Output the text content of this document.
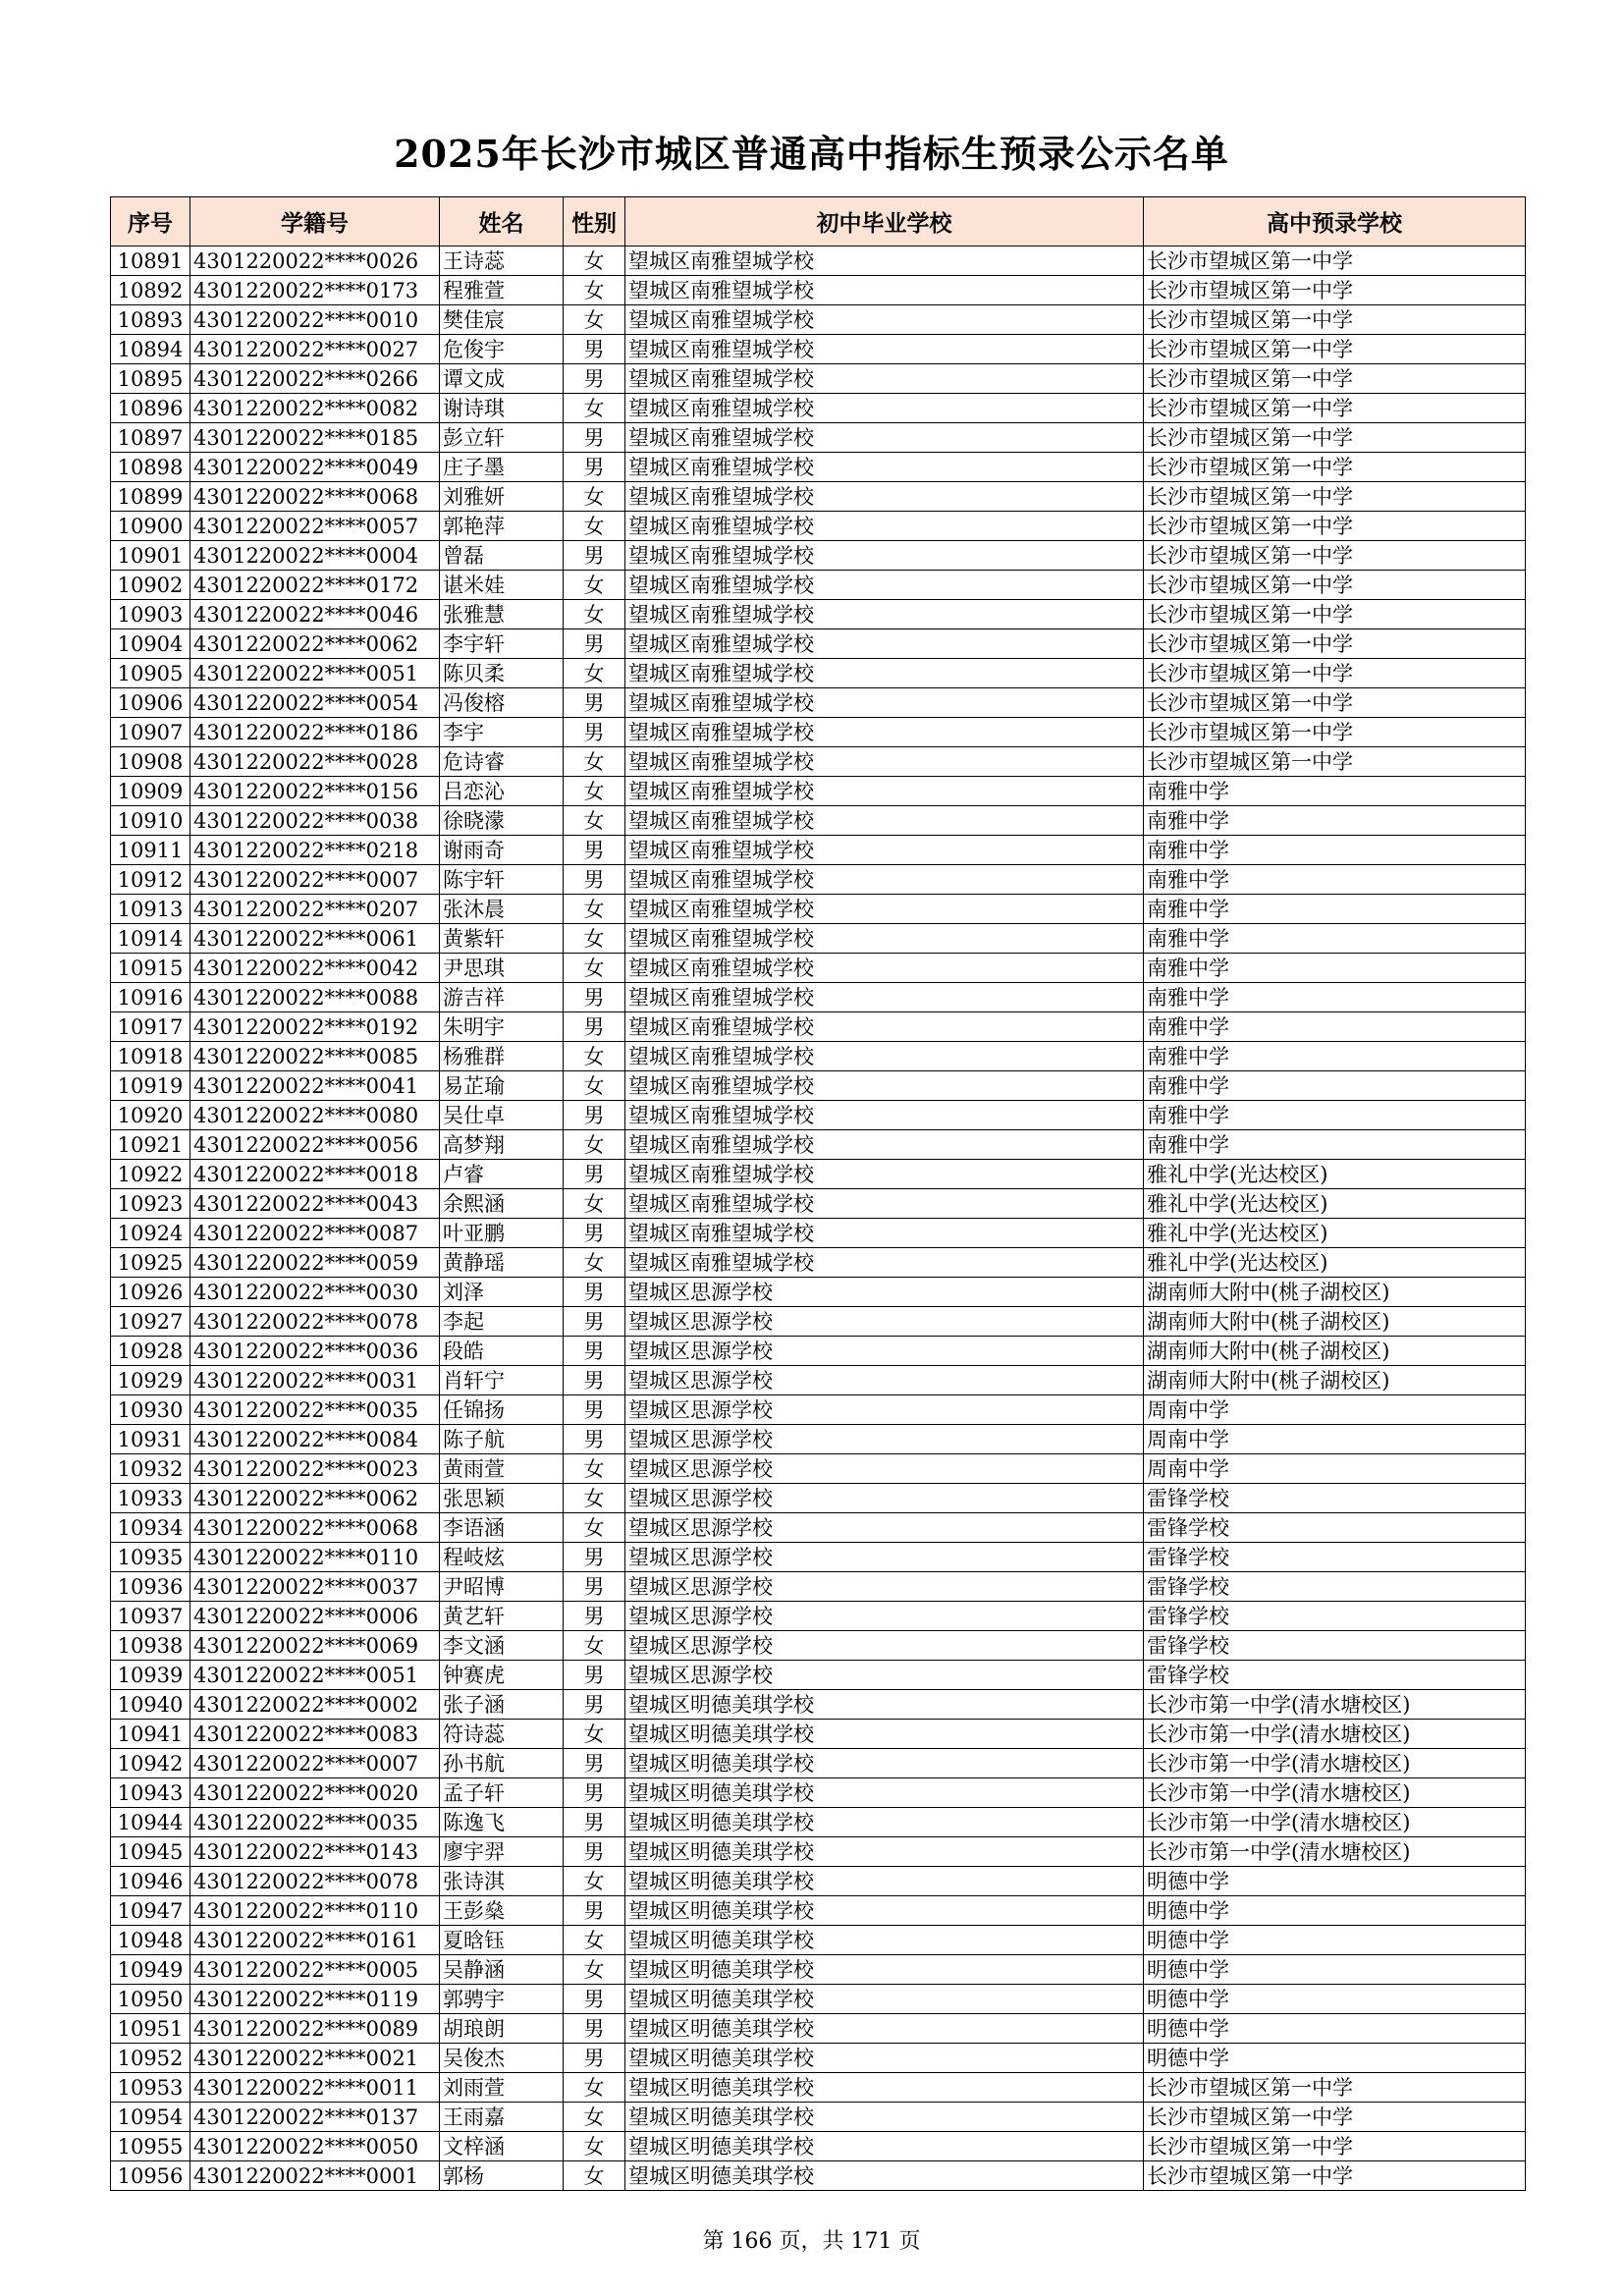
2025年长沙市城区普通高中指标生预录公示名单
序号	学籍号	姓名	性别	初中毕业学校	高中预录学校
10891	4301220022****0026	王诗蕊	女	望城区南雅望城学校	长沙市望城区第一中学
10892	4301220022****0173	程雅萱	女	望城区南雅望城学校	长沙市望城区第一中学
10893	4301220022****0010	樊佳宸	女	望城区南雅望城学校	长沙市望城区第一中学
10894	4301220022****0027	危俊宇	男	望城区南雅望城学校	长沙市望城区第一中学
10895	4301220022****0266	谭文成	男	望城区南雅望城学校	长沙市望城区第一中学
10896	4301220022****0082	谢诗琪	女	望城区南雅望城学校	长沙市望城区第一中学
10897	4301220022****0185	彭立轩	男	望城区南雅望城学校	长沙市望城区第一中学
10898	4301220022****0049	庄子墨	男	望城区南雅望城学校	长沙市望城区第一中学
10899	4301220022****0068	刘雅妍	女	望城区南雅望城学校	长沙市望城区第一中学
10900	4301220022****0057	郭艳萍	女	望城区南雅望城学校	长沙市望城区第一中学
10901	4301220022****0004	曾磊	男	望城区南雅望城学校	长沙市望城区第一中学
10902	4301220022****0172	谌米娃	女	望城区南雅望城学校	长沙市望城区第一中学
10903	4301220022****0046	张雅慧	女	望城区南雅望城学校	长沙市望城区第一中学
10904	4301220022****0062	李宇轩	男	望城区南雅望城学校	长沙市望城区第一中学
10905	4301220022****0051	陈贝柔	女	望城区南雅望城学校	长沙市望城区第一中学
10906	4301220022****0054	冯俊榕	男	望城区南雅望城学校	长沙市望城区第一中学
10907	4301220022****0186	李宇	男	望城区南雅望城学校	长沙市望城区第一中学
10908	4301220022****0028	危诗睿	女	望城区南雅望城学校	长沙市望城区第一中学
10909	4301220022****0156	吕恋沁	女	望城区南雅望城学校	南雅中学
10910	4301220022****0038	徐晓濛	女	望城区南雅望城学校	南雅中学
10911	4301220022****0218	谢雨奇	男	望城区南雅望城学校	南雅中学
10912	4301220022****0007	陈宇轩	男	望城区南雅望城学校	南雅中学
10913	4301220022****0207	张沐晨	女	望城区南雅望城学校	南雅中学
10914	4301220022****0061	黄紫轩	女	望城区南雅望城学校	南雅中学
10915	4301220022****0042	尹思琪	女	望城区南雅望城学校	南雅中学
10916	4301220022****0088	游吉祥	男	望城区南雅望城学校	南雅中学
10917	4301220022****0192	朱明宇	男	望城区南雅望城学校	南雅中学
10918	4301220022****0085	杨雅群	女	望城区南雅望城学校	南雅中学
10919	4301220022****0041	易芷瑜	女	望城区南雅望城学校	南雅中学
10920	4301220022****0080	吴仕卓	男	望城区南雅望城学校	南雅中学
10921	4301220022****0056	高梦翔	女	望城区南雅望城学校	南雅中学
10922	4301220022****0018	卢睿	男	望城区南雅望城学校	雅礼中学(光达校区)
10923	4301220022****0043	余熙涵	女	望城区南雅望城学校	雅礼中学(光达校区)
10924	4301220022****0087	叶亚鹏	男	望城区南雅望城学校	雅礼中学(光达校区)
10925	4301220022****0059	黄静瑶	女	望城区南雅望城学校	雅礼中学(光达校区)
10926	4301220022****0030	刘泽	男	望城区思源学校	湖南师大附中(桃子湖校区)
10927	4301220022****0078	李起	男	望城区思源学校	湖南师大附中(桃子湖校区)
10928	4301220022****0036	段皓	男	望城区思源学校	湖南师大附中(桃子湖校区)
10929	4301220022****0031	肖轩宁	男	望城区思源学校	湖南师大附中(桃子湖校区)
10930	4301220022****0035	任锦扬	男	望城区思源学校	周南中学
10931	4301220022****0084	陈子航	男	望城区思源学校	周南中学
10932	4301220022****0023	黄雨萱	女	望城区思源学校	周南中学
10933	4301220022****0062	张思颖	女	望城区思源学校	雷锋学校
10934	4301220022****0068	李语涵	女	望城区思源学校	雷锋学校
10935	4301220022****0110	程岐炫	男	望城区思源学校	雷锋学校
10936	4301220022****0037	尹昭博	男	望城区思源学校	雷锋学校
10937	4301220022****0006	黄艺轩	男	望城区思源学校	雷锋学校
10938	4301220022****0069	李文涵	女	望城区思源学校	雷锋学校
10939	4301220022****0051	钟赛虎	男	望城区思源学校	雷锋学校
10940	4301220022****0002	张子涵	男	望城区明德美琪学校	长沙市第一中学(清水塘校区)
10941	4301220022****0083	符诗蕊	女	望城区明德美琪学校	长沙市第一中学(清水塘校区)
10942	4301220022****0007	孙书航	男	望城区明德美琪学校	长沙市第一中学(清水塘校区)
10943	4301220022****0020	孟子轩	男	望城区明德美琪学校	长沙市第一中学(清水塘校区)
10944	4301220022****0035	陈逸飞	男	望城区明德美琪学校	长沙市第一中学(清水塘校区)
10945	4301220022****0143	廖宇羿	男	望城区明德美琪学校	长沙市第一中学(清水塘校区)
10946	4301220022****0078	张诗淇	女	望城区明德美琪学校	明德中学
10947	4301220022****0110	王彭燊	男	望城区明德美琪学校	明德中学
10948	4301220022****0161	夏晗钰	女	望城区明德美琪学校	明德中学
10949	4301220022****0005	吴静涵	女	望城区明德美琪学校	明德中学
10950	4301220022****0119	郭骋宇	男	望城区明德美琪学校	明德中学
10951	4301220022****0089	胡琅朗	男	望城区明德美琪学校	明德中学
10952	4301220022****0021	吴俊杰	男	望城区明德美琪学校	明德中学
10953	4301220022****0011	刘雨萱	女	望城区明德美琪学校	长沙市望城区第一中学
10954	4301220022****0137	王雨嘉	女	望城区明德美琪学校	长沙市望城区第一中学
10955	4301220022****0050	文梓涵	女	望城区明德美琪学校	长沙市望城区第一中学
10956	4301220022****0001	郭杨	女	望城区明德美琪学校	长沙市望城区第一中学
第 166 页，共 171 页
